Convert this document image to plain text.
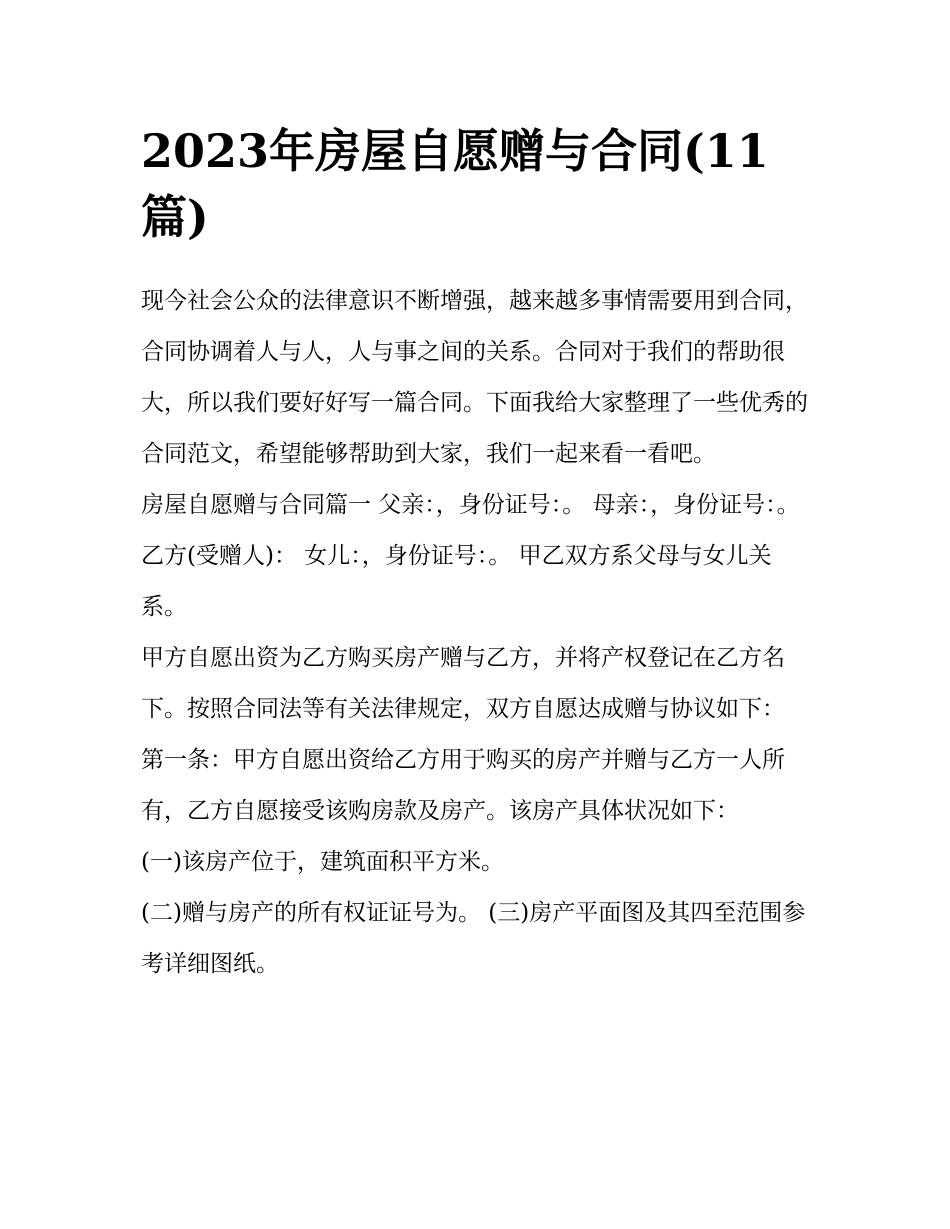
2023年房屋自愿赠与合同(11篇)

现今社会公众的法律意识不断增强，越来越多事情需要用到合同，合同协调着人与人，人与事之间的关系。合同对于我们的帮助很大，所以我们要好好写一篇合同。下面我给大家整理了一些优秀的合同范文，希望能够帮助到大家，我们一起来看一看吧。

房屋自愿赠与合同篇一 父亲：，身份证号：。 母亲：，身份证号：。 乙方(受赠人)： 女儿：，身份证号：。 甲乙双方系父母与女儿关系。

甲方自愿出资为乙方购买房产赠与乙方，并将产权登记在乙方名下。按照合同法等有关法律规定，双方自愿达成赠与协议如下：

第一条：甲方自愿出资给乙方用于购买的房产并赠与乙方一人所有，乙方自愿接受该购房款及房产。该房产具体状况如下：

(一)该房产位于，建筑面积平方米。

(二)赠与房产的所有权证证号为。 (三)房产平面图及其四至范围参考详细图纸。
